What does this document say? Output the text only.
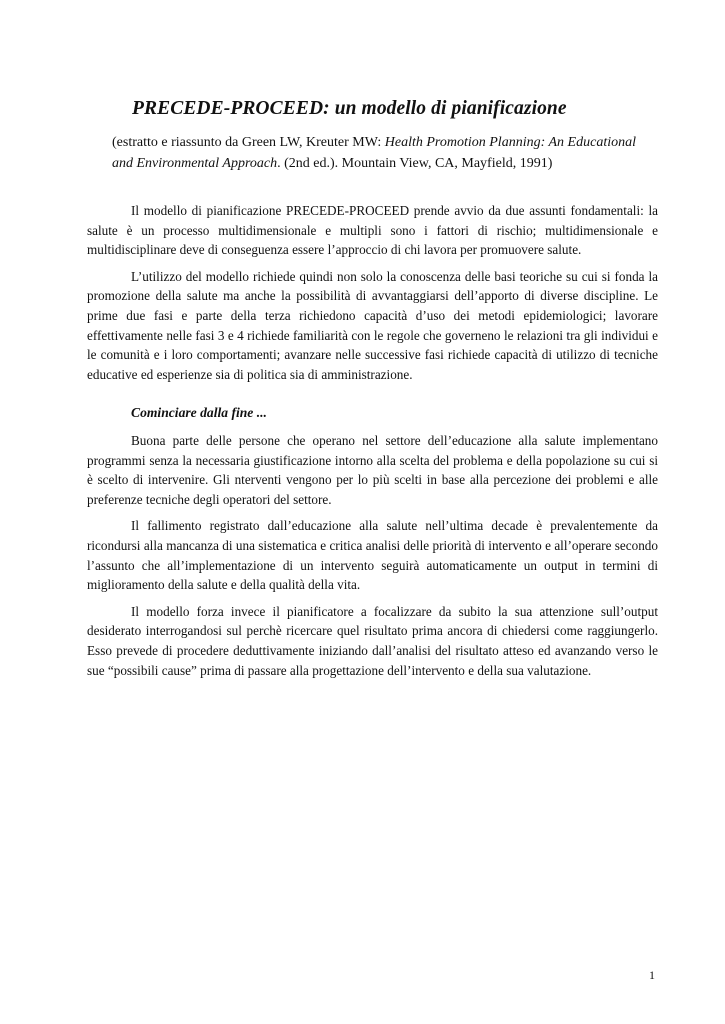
PRECEDE-PROCEED: un modello di pianificazione
(estratto e riassunto da Green LW, Kreuter MW: Health Promotion Planning: An Educational
and Environmental Approach. (2nd ed.). Mountain View, CA, Mayfield, 1991)

Il modello di pianificazione PRECEDE-PROCEED prende avvio da due assunti fondamentali: la salute è un processo multidimensionale e multipli sono i fattori di rischio; multidimensionale e multidisciplinare deve di conseguenza essere l’approccio di chi lavora per promuovere salute.

L’utilizzo del modello richiede quindi non solo la conoscenza delle basi teoriche su cui si fonda la promozione della salute ma anche la possibilità di avvantaggiarsi dell’apporto di diverse discipline. Le prime due fasi e parte della terza richiedono capacità d’uso dei metodi epidemiologici; lavorare effettivamente nelle fasi 3 e 4 richiede familiarità con le regole che governeno le relazioni tra gli individui e le comunità e i loro comportamenti; avanzare nelle successive fasi richiede capacità di utilizzo di tecniche educative ed esperienze sia di politica sia di amministrazione.

Cominciare dalla fine ...

Buona parte delle persone che operano nel settore dell’educazione alla salute implementano programmi senza la necessaria giustificazione intorno alla scelta del problema e della popolazione su cui si è scelto di intervenire. Gli nterventi vengono per lo più scelti in base alla percezione dei problemi e alle preferenze tecniche degli operatori del settore.

Il fallimento registrato dall’educazione alla salute nell’ultima decade è prevalentemente da ricondursi alla mancanza di una sistematica e critica analisi delle priorità di intervento e all’operare secondo l’assunto che all’implementazione di un intervento seguirà automaticamente un output in termini di miglioramento della salute e della qualità della vita.

Il modello forza invece il pianificatore a focalizzare da subito la sua attenzione sull’output desiderato interrogandosi sul perchè ricercare quel risultato prima ancora di chiedersi come raggiungerlo. Esso prevede di procedere deduttivamente iniziando dall’analisi del risultato atteso ed avanzando verso le sue “possibili cause” prima di passare alla progettazione dell’intervento e della sua valutazione.

1
